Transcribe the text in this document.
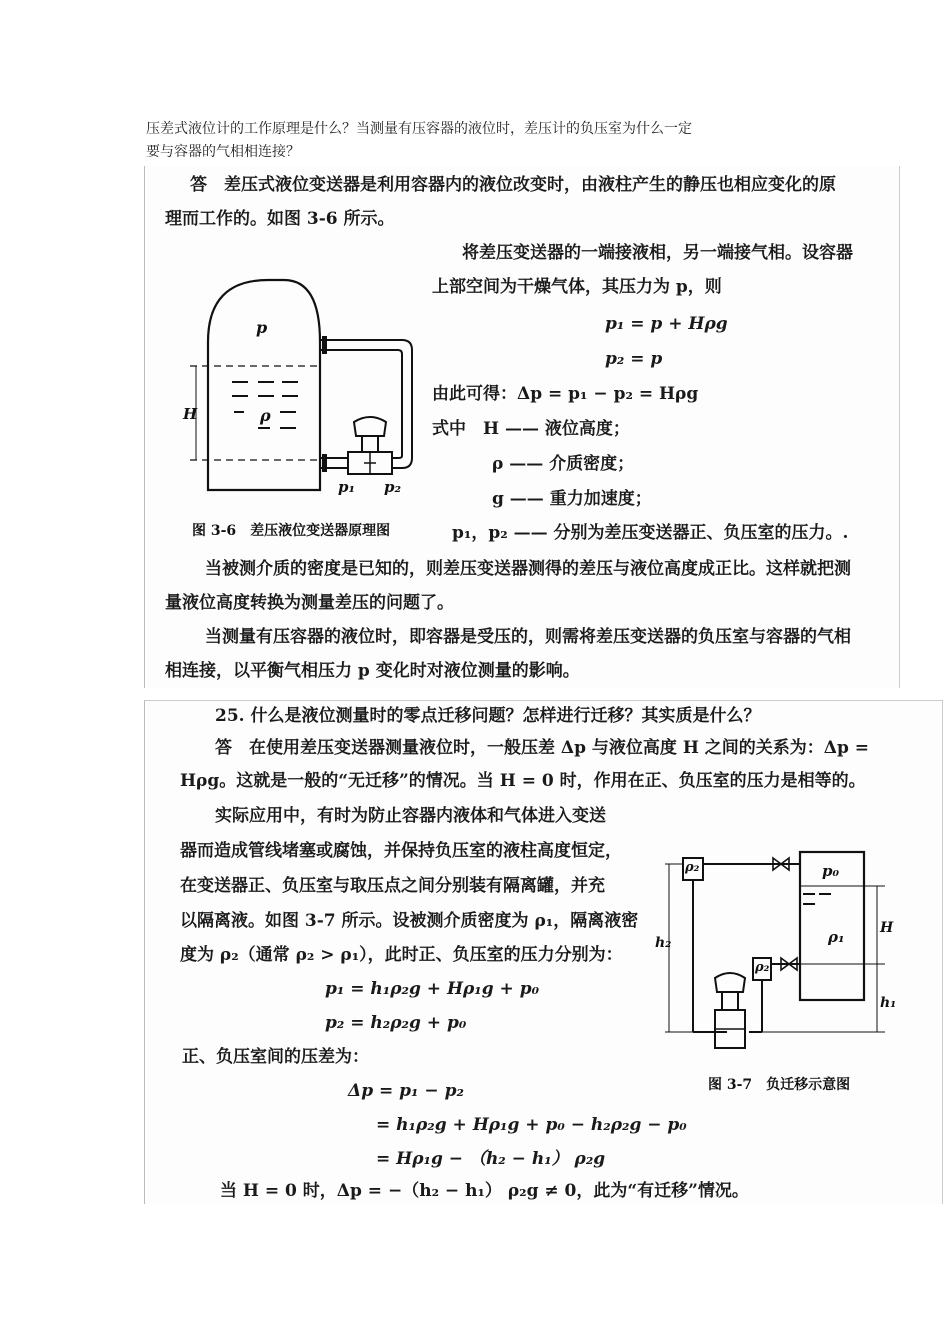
压差式液位计的工作原理是什么？当测量有压容器的液位时，差压计的负压室为什么一定
要与容器的气相相连接？
答　差压式液位变送器是利用容器内的液位改变时，由液柱产生的静压也相应变化的原
理而工作的。如图 3-6 所示。
将差压变送器的一端接液相，另一端接气相。设容器
上部空间为干燥气体，其压力为 p，则
p₁ = p + Hρg
p₂ = p
由此可得：Δp = p₁ − p₂ = Hρg
式中　H —— 液位高度；
ρ —— 介质密度；
g —— 重力加速度；
p₁，p₂ —— 分别为差压变送器正、负压室的压力。.
p
ρ
H
p₁ p₂
图 3-6　差压液位变送器原理图
当被测介质的密度是已知的，则差压变送器测得的差压与液位高度成正比。这样就把测
量液位高度转换为测量差压的问题了。
当测量有压容器的液位时，即容器是受压的，则需将差压变送器的负压室与容器的气相
相连接，以平衡气相压力 p 变化时对液位测量的影响。
25. 什么是液位测量时的零点迁移问题？怎样进行迁移？其实质是什么？
答　在使用差压变送器测量液位时，一般压差 Δp 与液位高度 H 之间的关系为：Δp =
Hρg。这就是一般的“无迁移”的情况。当 H = 0 时，作用在正、负压室的压力是相等的。
实际应用中，有时为防止容器内液体和气体进入变送
器而造成管线堵塞或腐蚀，并保持负压室的液柱高度恒定，
在变送器正、负压室与取压点之间分别装有隔离罐，并充
以隔离液。如图 3-7 所示。设被测介质密度为 ρ₁，隔离液密
度为 ρ₂（通常 ρ₂ > ρ₁），此时正、负压室的压力分别为：
p₁ = h₁ρ₂g + Hρ₁g + p₀
p₂ = h₂ρ₂g + p₀
正、负压室间的压差为：
Δp = p₁ − p₂
= h₁ρ₂g + Hρ₁g + p₀ − h₂ρ₂g − p₀
= Hρ₁g − （h₂ − h₁） ρ₂g
当 H = 0 时，Δp = −（h₂ − h₁） ρ₂g ≠ 0，此为“有迁移”情况。
p₀
ρ₁
ρ₂
ρ₂
H
h₁
h₂
图 3-7　负迁移示意图
